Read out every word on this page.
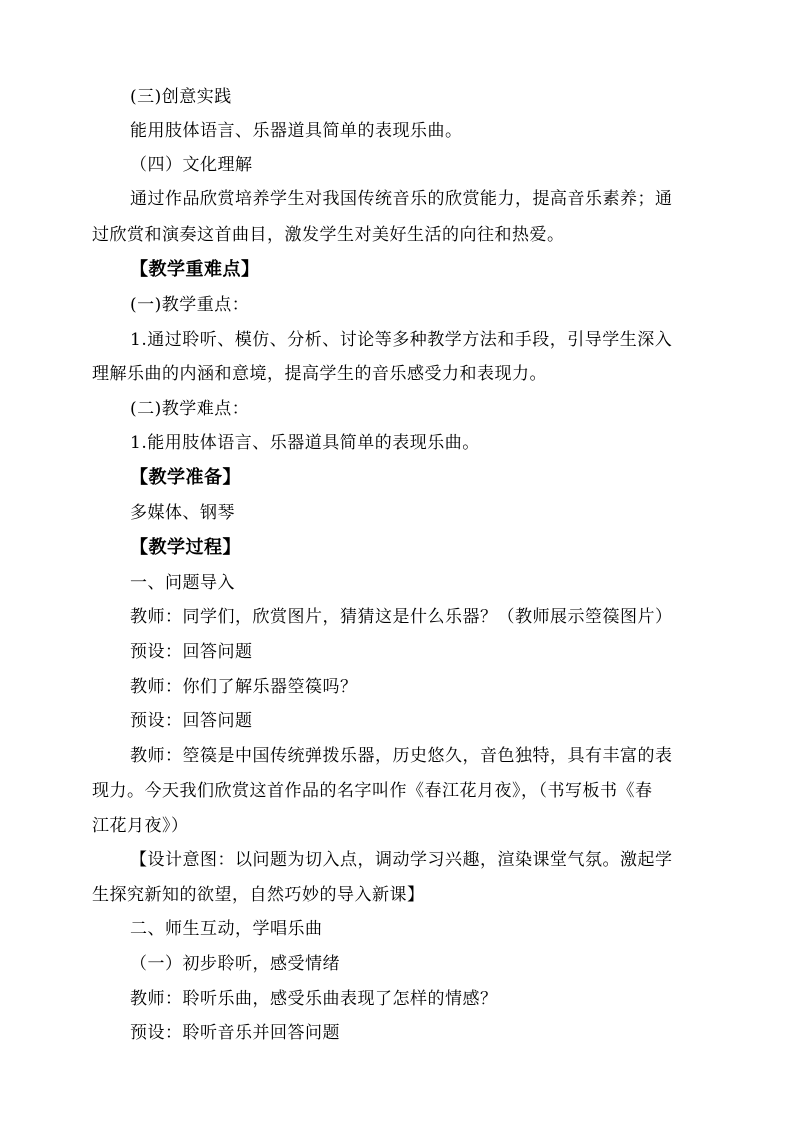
(三)创意实践
能用肢体语言、乐器道具简单的表现乐曲。
（四）文化理解
通过作品欣赏培养学生对我国传统音乐的欣赏能力，提高音乐素养；通
过欣赏和演奏这首曲目，激发学生对美好生活的向往和热爱。
【教学重难点】
(一)教学重点：
1.通过聆听、模仿、分析、讨论等多种教学方法和手段，引导学生深入
理解乐曲的内涵和意境，提高学生的音乐感受力和表现力。
(二)教学难点：
1.能用肢体语言、乐器道具简单的表现乐曲。
【教学准备】
多媒体、钢琴
【教学过程】
一、问题导入
教师：同学们，欣赏图片，猜猜这是什么乐器？（教师展示箜篌图片）
预设：回答问题
教师：你们了解乐器箜篌吗？
预设：回答问题
教师：箜篌是中国传统弹拨乐器，历史悠久，音色独特，具有丰富的表
现力。今天我们欣赏这首作品的名字叫作《春江花月夜》，（书写板书《春
江花月夜》）
【设计意图：以问题为切入点，调动学习兴趣，渲染课堂气氛。激起学
生探究新知的欲望，自然巧妙的导入新课】
二、师生互动，学唱乐曲
（一）初步聆听，感受情绪
教师：聆听乐曲，感受乐曲表现了怎样的情感？
预设：聆听音乐并回答问题
